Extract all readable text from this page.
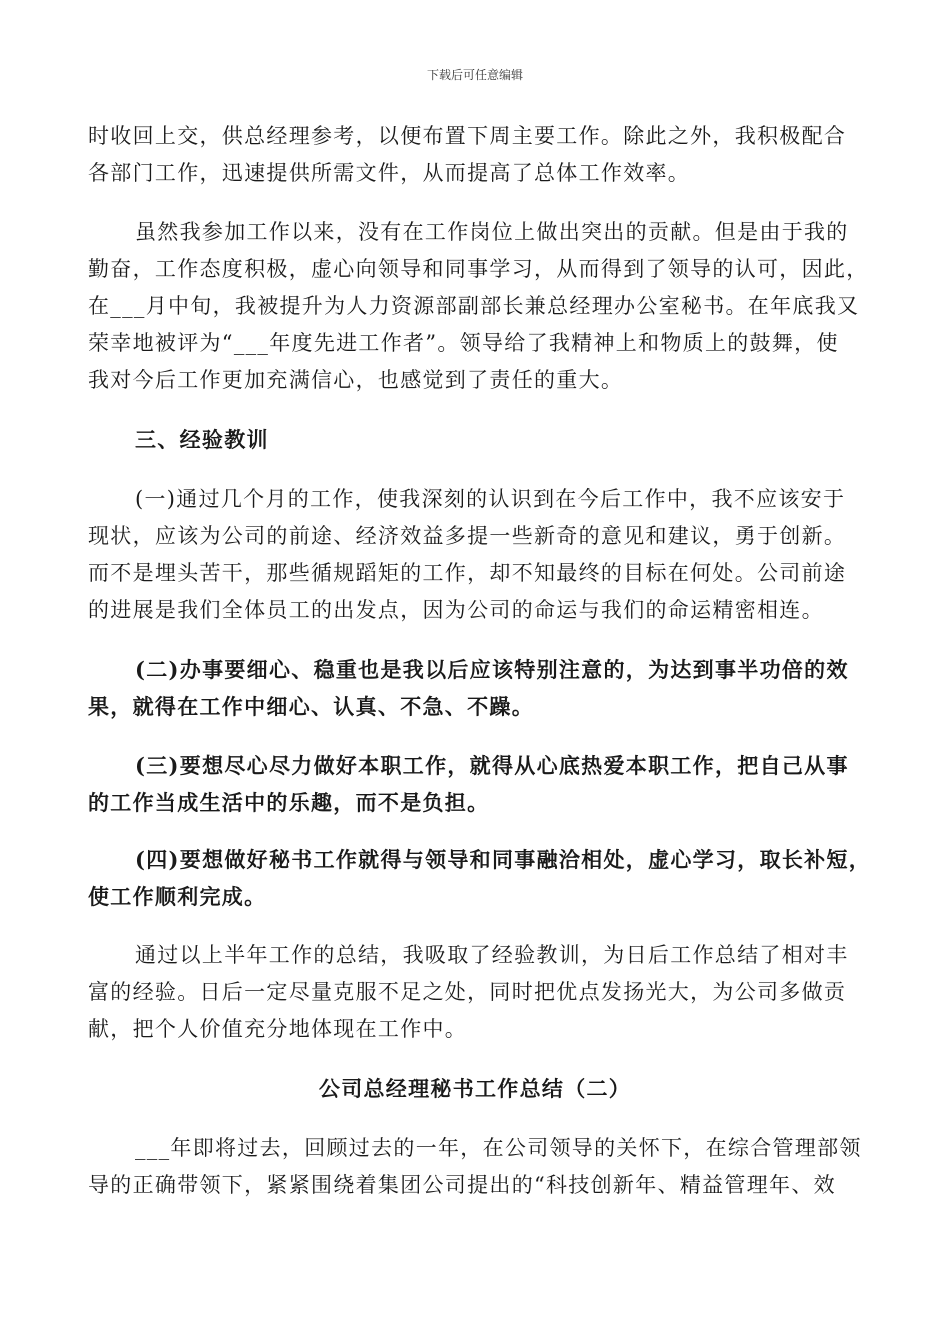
下载后可任意编辑
时收回上交，供总经理参考，以便布置下周主要工作。除此之外，我积极配合
各部门工作，迅速提供所需文件，从而提高了总体工作效率。
虽然我参加工作以来，没有在工作岗位上做出突出的贡献。但是由于我的
勤奋，工作态度积极，虚心向领导和同事学习，从而得到了领导的认可，因此，
在___月中旬，我被提升为人力资源部副部长兼总经理办公室秘书。在年底我又
荣幸地被评为“___年度先进工作者”。领导给了我精神上和物质上的鼓舞，使
我对今后工作更加充满信心，也感觉到了责任的重大。
三、经验教训
(一)通过几个月的工作，使我深刻的认识到在今后工作中，我不应该安于
现状，应该为公司的前途、经济效益多提一些新奇的意见和建议，勇于创新。
而不是埋头苦干，那些循规蹈矩的工作，却不知最终的目标在何处。公司前途
的进展是我们全体员工的出发点，因为公司的命运与我们的命运精密相连。
(二)办事要细心、稳重也是我以后应该特别注意的，为达到事半功倍的效
果，就得在工作中细心、认真、不急、不躁。
(三)要想尽心尽力做好本职工作，就得从心底热爱本职工作，把自己从事
的工作当成生活中的乐趣，而不是负担。
(四)要想做好秘书工作就得与领导和同事融洽相处，虚心学习，取长补短，
使工作顺利完成。
通过以上半年工作的总结，我吸取了经验教训，为日后工作总结了相对丰
富的经验。日后一定尽量克服不足之处，同时把优点发扬光大，为公司多做贡
献，把个人价值充分地体现在工作中。
公司总经理秘书工作总结（二）
___年即将过去，回顾过去的一年，在公司领导的关怀下，在综合管理部领
导的正确带领下，紧紧围绕着集团公司提出的“科技创新年、精益管理年、效
